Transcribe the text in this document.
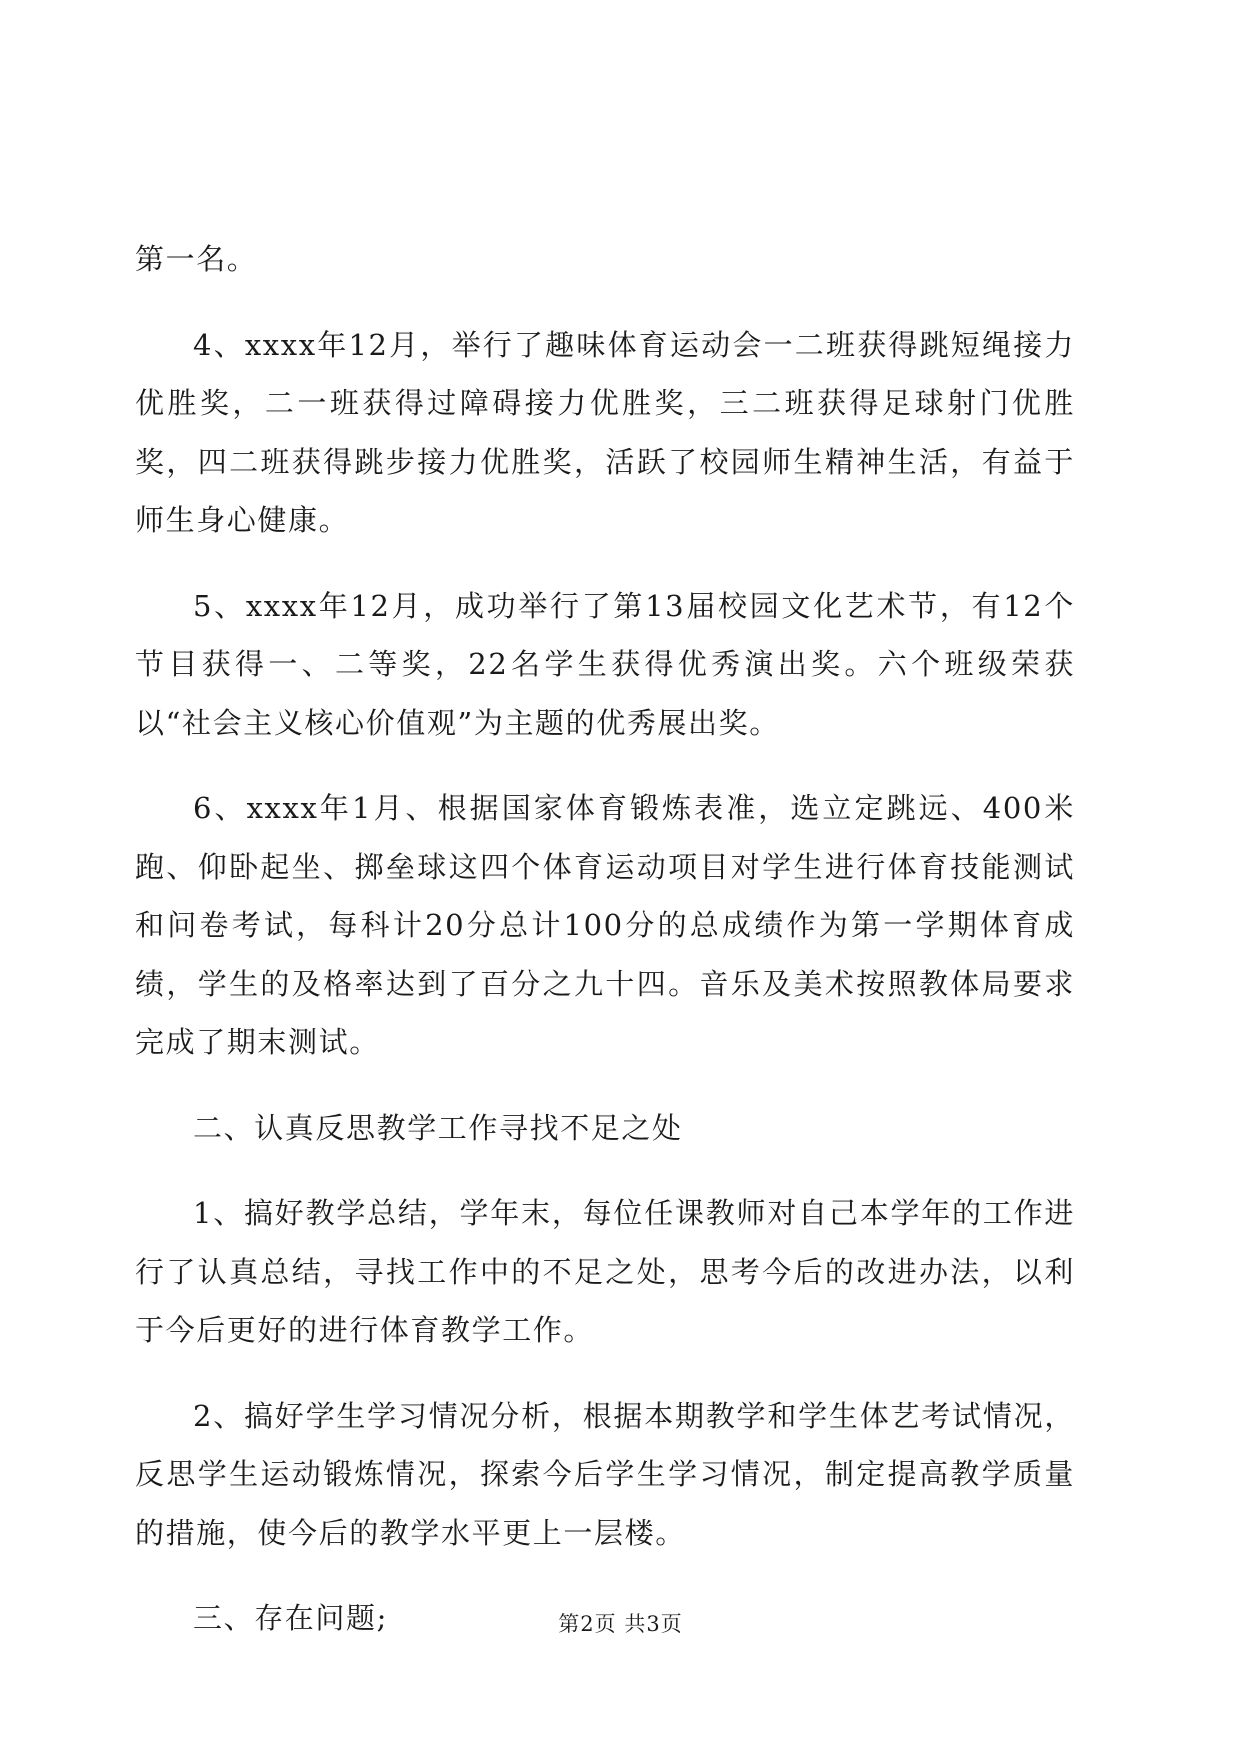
第一名。

4、xxxx年12月，举行了趣味体育运动会一二班获得跳短绳接力优胜奖，二一班获得过障碍接力优胜奖，三二班获得足球射门优胜奖，四二班获得跳步接力优胜奖，活跃了校园师生精神生活，有益于师生身心健康。

5、xxxx年12月，成功举行了第13届校园文化艺术节，有12个节目获得一、二等奖，22名学生获得优秀演出奖。六个班级荣获以“社会主义核心价值观”为主题的优秀展出奖。

6、xxxx年1月、根据国家体育锻炼表准，选立定跳远、400米跑、仰卧起坐、掷垒球这四个体育运动项目对学生进行体育技能测试和问卷考试，每科计20分总计100分的总成绩作为第一学期体育成绩，学生的及格率达到了百分之九十四。音乐及美术按照教体局要求完成了期末测试。

二、认真反思教学工作寻找不足之处

1、搞好教学总结，学年末，每位任课教师对自己本学年的工作进行了认真总结，寻找工作中的不足之处，思考今后的改进办法，以利于今后更好的进行体育教学工作。

2、搞好学生学习情况分析，根据本期教学和学生体艺考试情况，反思学生运动锻炼情况，探索今后学生学习情况，制定提高教学质量的措施，使今后的教学水平更上一层楼。

三、存在问题;	第2页 共3页
